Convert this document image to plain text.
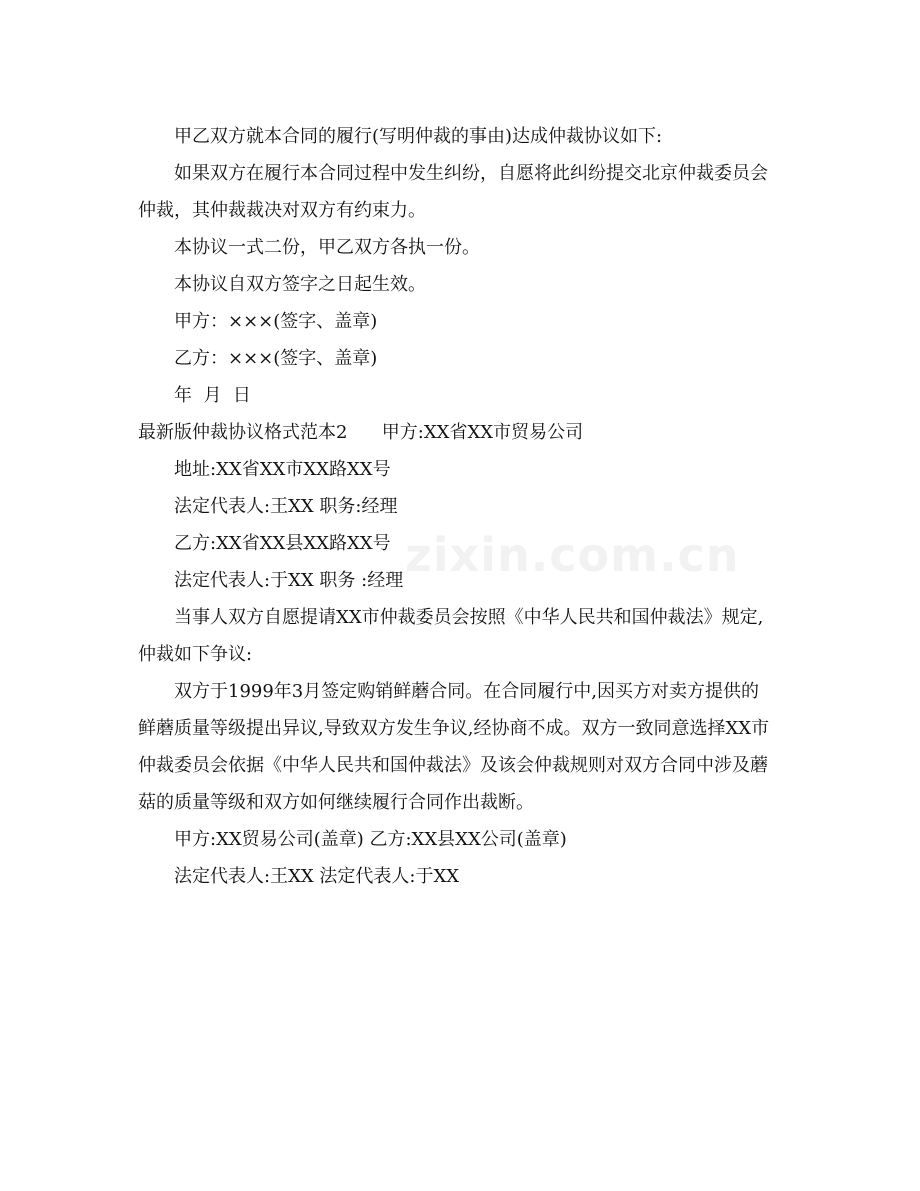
甲乙双方就本合同的履行(写明仲裁的事由)达成仲裁协议如下:

如果双方在履行本合同过程中发生纠纷，自愿将此纠纷提交北京仲裁委员会

仲裁，其仲裁裁决对双方有约束力。

本协议一式二份，甲乙双方各执一份。

本协议自双方签字之日起生效。

甲方：×××(签字、盖章)

乙方：×××(签字、盖章)

年  月  日

最新版仲裁协议格式范本2      甲方:XX省XX市贸易公司

地址:XX省XX市XX路XX号

法定代表人:王XX 职务:经理

乙方:XX省XX县XX路XX号

法定代表人:于XX 职务 :经理

当事人双方自愿提请XX市仲裁委员会按照《中华人民共和国仲裁法》规定,

仲裁如下争议:

双方于1999年3月签定购销鲜蘑合同。在合同履行中,因买方对卖方提供的

鲜蘑质量等级提出异议,导致双方发生争议,经协商不成。双方一致同意选择XX市

仲裁委员会依据《中华人民共和国仲裁法》及该会仲裁规则对双方合同中涉及蘑

菇的质量等级和双方如何继续履行合同作出裁断。

甲方:XX贸易公司(盖章) 乙方:XX县XX公司(盖章)

法定代表人:王XX 法定代表人:于XX

zixin.com.cn
